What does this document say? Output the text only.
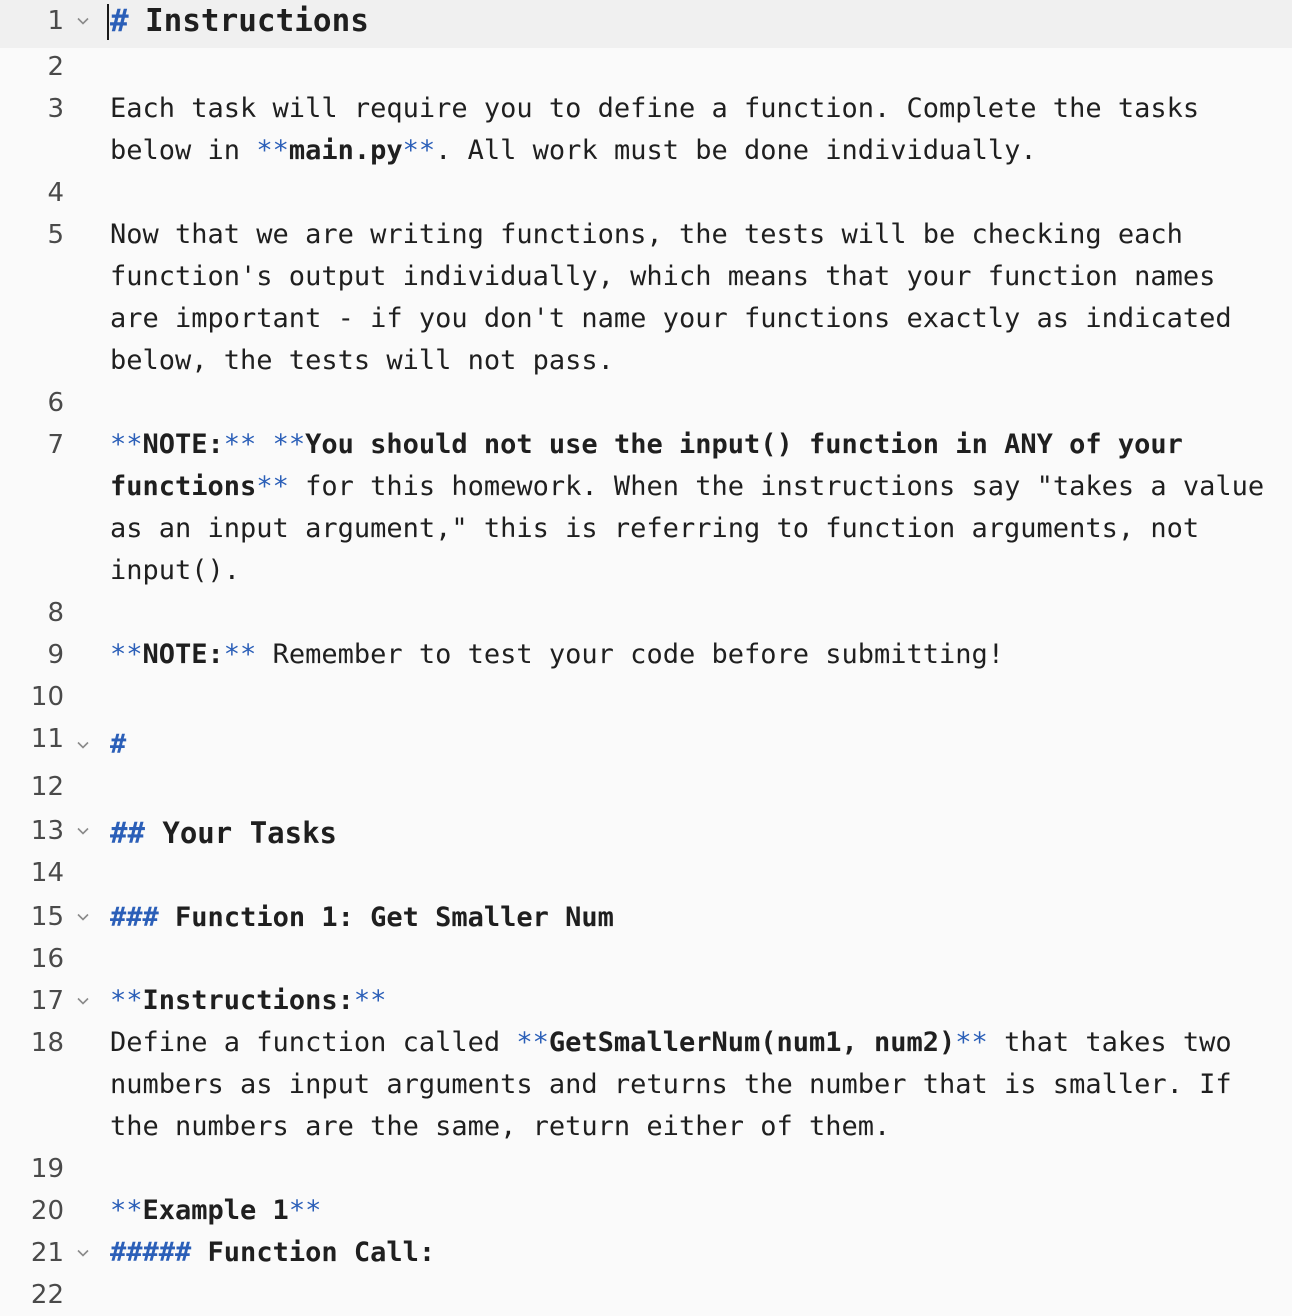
1 # Instructions
2
3 Each task will require you to define a function. Complete the tasks below in **main.py**. All work must be done individually.
4
5 Now that we are writing functions, the tests will be checking each function's output individually, which means that your function names are important - if you don't name your functions exactly as indicated below, the tests will not pass.
6
7 **NOTE:** **You should not use the input() function in ANY of your functions** for this homework. When the instructions say "takes a value as an input argument," this is referring to function arguments, not input().
8
9 **NOTE:** Remember to test your code before submitting!
10
11 #
12
13 ## Your Tasks
14
15 ### Function 1: Get Smaller Num
16
17 **Instructions:**
18 Define a function called **GetSmallerNum(num1, num2)** that takes two numbers as input arguments and returns the number that is smaller. If the numbers are the same, return either of them.
19
20 **Example 1**
21 ##### Function Call:
22
